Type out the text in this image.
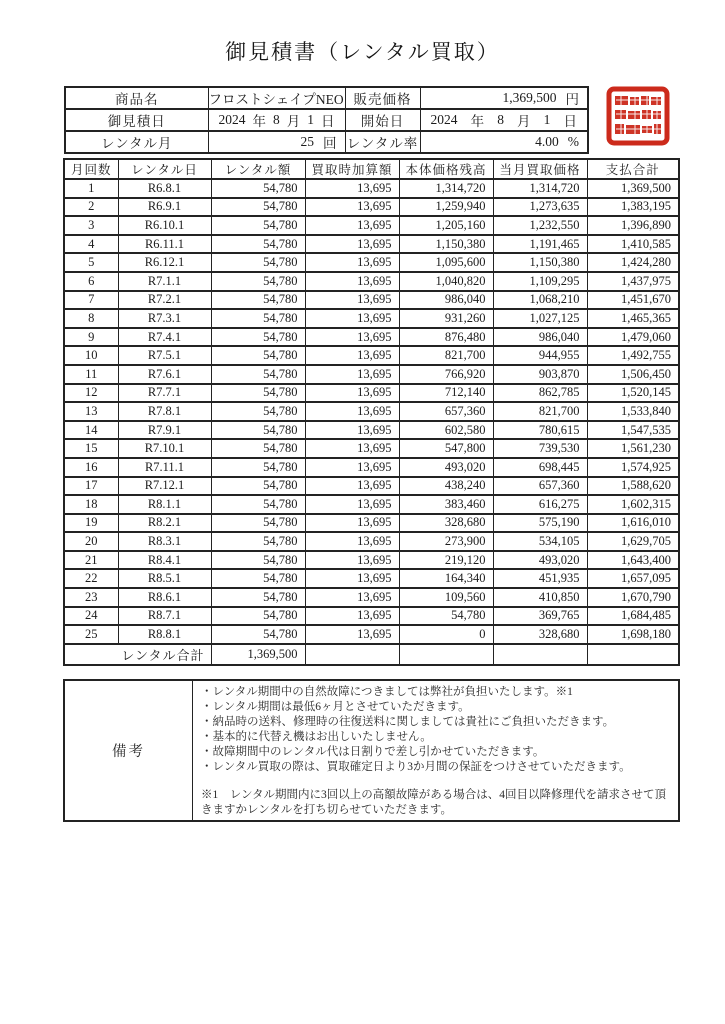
御見積書（レンタル買取）
商品名	フロストシェイプNEO	販売価格	1,369,500 円

御見積日	2024 年 8 月 1 日	開始日	2024 年 8 月 1 日

レンタル月	25 回	レンタル率	4.00 %
月回数	レンタル日	レンタル額	買取時加算額	本体価格残高	当月買取価格	支払合計
1	R6.8.1	54,780	13,695	1,314,720	1,314,720	1,369,500
2	R6.9.1	54,780	13,695	1,259,940	1,273,635	1,383,195
3	R6.10.1	54,780	13,695	1,205,160	1,232,550	1,396,890
4	R6.11.1	54,780	13,695	1,150,380	1,191,465	1,410,585
5	R6.12.1	54,780	13,695	1,095,600	1,150,380	1,424,280
6	R7.1.1	54,780	13,695	1,040,820	1,109,295	1,437,975
7	R7.2.1	54,780	13,695	986,040	1,068,210	1,451,670
8	R7.3.1	54,780	13,695	931,260	1,027,125	1,465,365
9	R7.4.1	54,780	13,695	876,480	986,040	1,479,060
10	R7.5.1	54,780	13,695	821,700	944,955	1,492,755
11	R7.6.1	54,780	13,695	766,920	903,870	1,506,450
12	R7.7.1	54,780	13,695	712,140	862,785	1,520,145
13	R7.8.1	54,780	13,695	657,360	821,700	1,533,840
14	R7.9.1	54,780	13,695	602,580	780,615	1,547,535
15	R7.10.1	54,780	13,695	547,800	739,530	1,561,230
16	R7.11.1	54,780	13,695	493,020	698,445	1,574,925
17	R7.12.1	54,780	13,695	438,240	657,360	1,588,620
18	R8.1.1	54,780	13,695	383,460	616,275	1,602,315
19	R8.2.1	54,780	13,695	328,680	575,190	1,616,010
20	R8.3.1	54,780	13,695	273,900	534,105	1,629,705
21	R8.4.1	54,780	13,695	219,120	493,020	1,643,400
22	R8.5.1	54,780	13,695	164,340	451,935	1,657,095
23	R8.6.1	54,780	13,695	109,560	410,850	1,670,790
24	R8.7.1	54,780	13,695	54,780	369,765	1,684,485
25	R8.8.1	54,780	13,695	0	328,680	1,698,180
レンタル合計		1,369,500				
備考	
・レンタル期間中の自然故障につきましては弊社が負担いたします。※1
・レンタル期間は最低6ヶ月とさせていただきます。
・納品時の送料、修理時の往復送料に関しましては貴社にご負担いただきます。
・基本的に代替え機はお出しいたしません。
・故障期間中のレンタル代は日割りで差し引かせていただきます。
・レンタル買取の際は、買取確定日より3か月間の保証をつけさせていただきます。
※1　レンタル期間内に3回以上の高額故障がある場合は、4回目以降修理代を請求させて頂きますかレンタルを打ち切らせていただきます。
